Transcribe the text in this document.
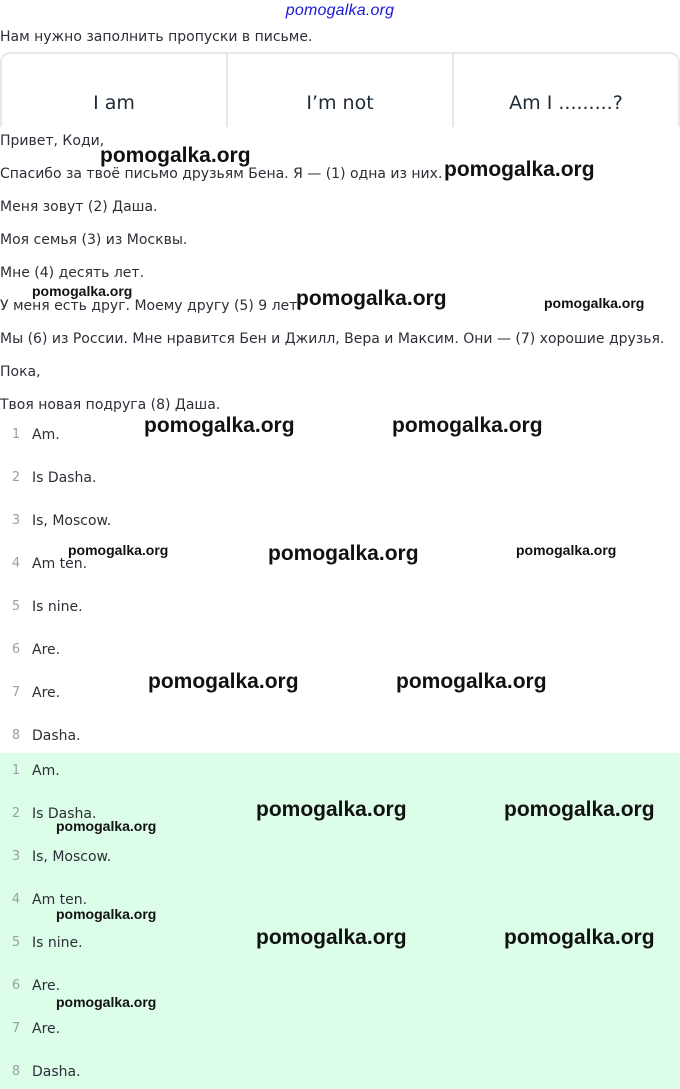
pomogalka.org
Нам нужно заполнить пропуски в письме.
I am	I’m not	Am I .........?
Привет, Коди,
Спасибо за твоё письмо друзьям Бена. Я — (1) одна из них.
Меня зовут (2) Даша.
Моя семья (3) из Москвы.
Мне (4) десять лет.
У меня есть друг. Моему другу (5) 9 лет.
Мы (6) из России. Мне нравится Бен и Джилл, Вера и Максим. Они — (7) хорошие друзья.
Пока,
Твоя новая подруга (8) Даша.
1 Am.
2 Is Dasha.
3 Is, Moscow.
4 Am ten.
5 Is nine.
6 Are.
7 Are.
8 Dasha.
1 Am.
2 Is Dasha.
3 Is, Moscow.
4 Am ten.
5 Is nine.
6 Are.
7 Are.
8 Dasha.
pomogalka.org
pomogalka.org
pomogalka.org	pomogalka.org	pomogalka.org
pomogalka.org	pomogalka.org
pomogalka.org	pomogalka.org	pomogalka.org
pomogalka.org	pomogalka.org
pomogalka.org	pomogalka.org
pomogalka.org
pomogalka.org
pomogalka.org	pomogalka.org
pomogalka.org
